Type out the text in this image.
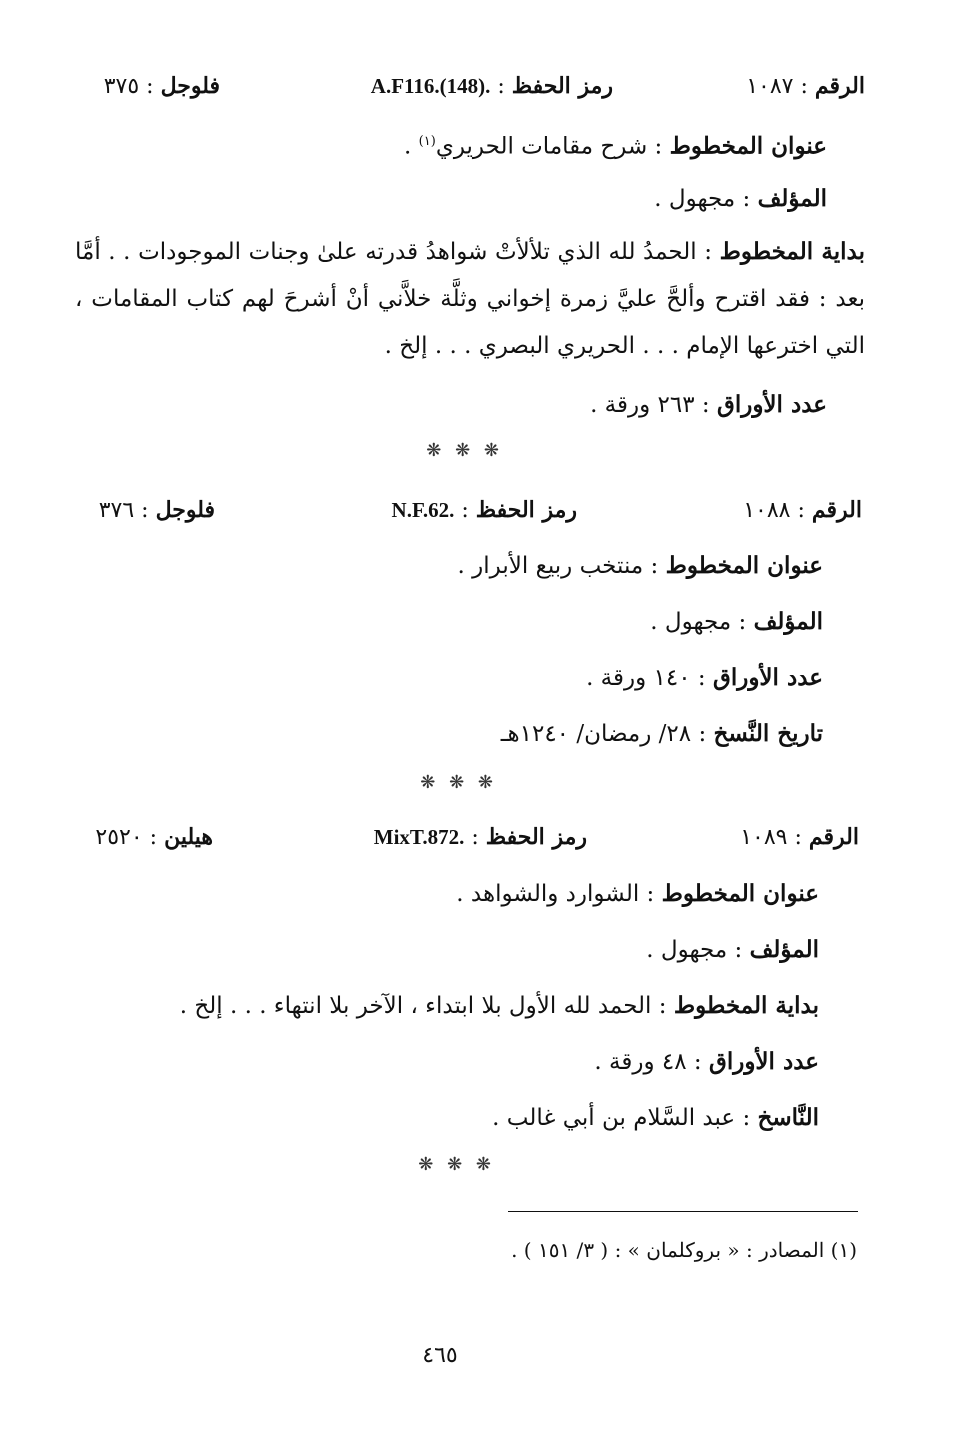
الرقم : ١٠٨٧
رمز الحفظ : A.F116.(148).
فلوجل : ٣٧٥
عنوان المخطوط : شرح مقامات الحريري$^{(١)}$ .
المؤلف : مجهول .
بداية المخطوط : الحمدُ لله الذي تلألأتْ شواهدُ قدرته علىٰ وجنات الموجودات . . أمَّا بعد : فقد اقترح وألحَّ عليَّ زمرة إخواني وثلَّة خلاَّني أنْ أشرحَ لهم كتاب المقامات ، التي اخترعها الإمام . . . الحريري البصري . . . إلخ .
عدد الأوراق : ٢٦٣ ورقة .
❋ ❋ ❋
الرقم : ١٠٨٨
رمز الحفظ : N.F.62.
فلوجل : ٣٧٦
عنوان المخطوط : منتخب ربيع الأبرار .
المؤلف : مجهول .
عدد الأوراق : ١٤٠ ورقة .
تاريخ النَّسخ : ٢٨/ رمضان/ ١٢٤٠هـ
❋ ❋ ❋
الرقم : ١٠٨٩
رمز الحفظ : MixT.872.
هيلين : ٢٥٢٠
عنوان المخطوط : الشوارد والشواهد .
المؤلف : مجهول .
بداية المخطوط : الحمد لله الأول بلا ابتداء ، الآخر بلا انتهاء . . . إلخ .
عدد الأوراق : ٤٨ ورقة .
النَّاسخ : عبد السَّلام بن أبي غالب .
❋ ❋ ❋
(١) المصادر : « بروكلمان » : ( ٣/ ١٥١ ) .
٤٦٥
